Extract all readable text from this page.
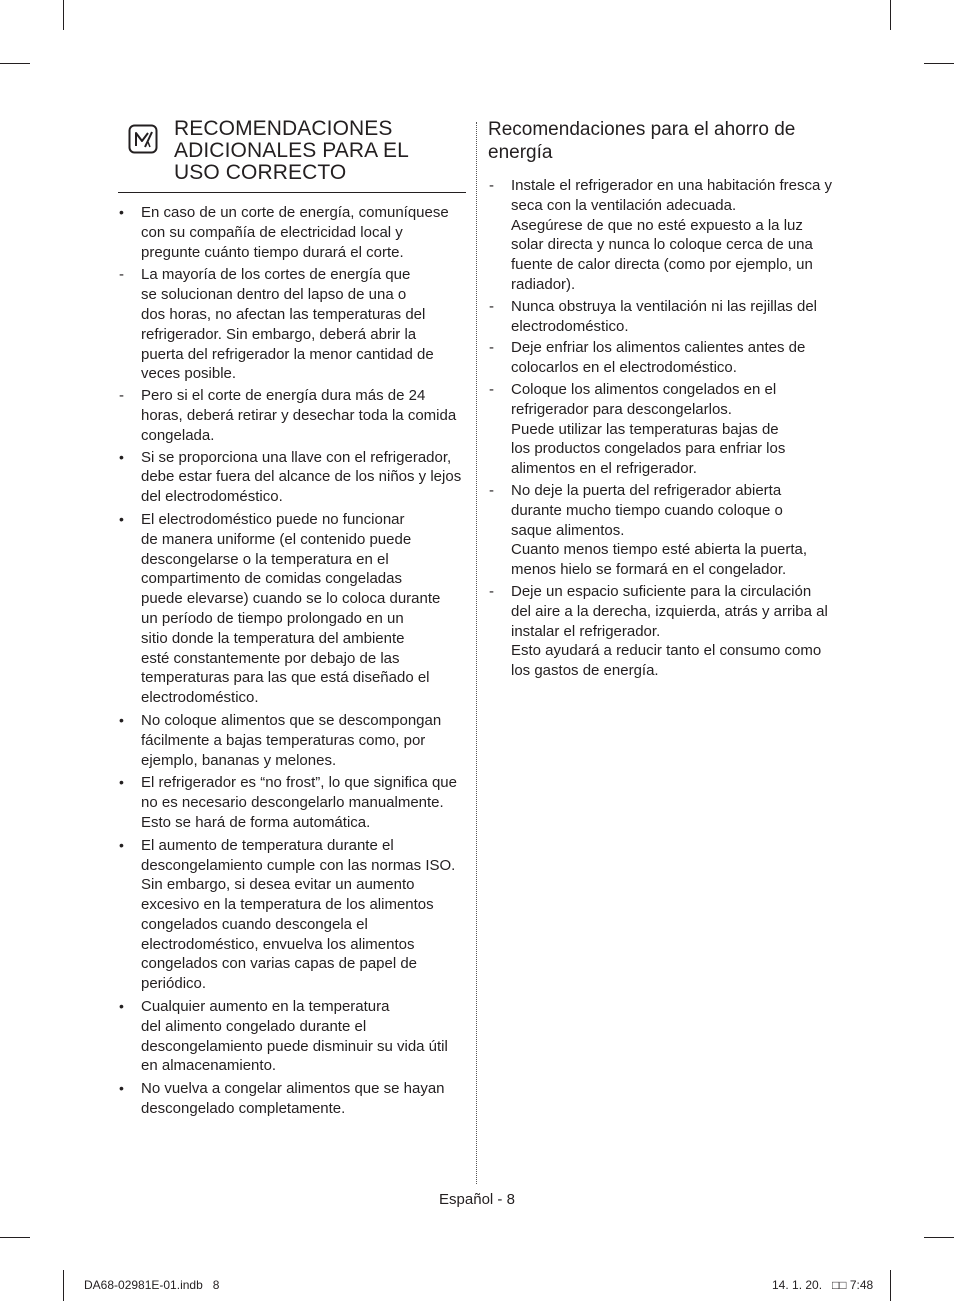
RECOMENDACIONES
ADICIONALES PARA EL
USO CORRECTO
• En caso de un corte de energía, comuníquese
con su compañía de electricidad local y
pregunte cuánto tiempo durará el corte.
- La mayoría de los cortes de energía que
se solucionan dentro del lapso de una o
dos horas, no afectan las temperaturas del
refrigerador. Sin embargo, deberá abrir la
puerta del refrigerador la menor cantidad de
veces posible.
- Pero si el corte de energía dura más de 24
horas, deberá retirar y desechar toda la comida
congelada.
• Si se proporciona una llave con el refrigerador,
debe estar fuera del alcance de los niños y lejos
del electrodoméstico.
• El electrodoméstico puede no funcionar
de manera uniforme (el contenido puede
descongelarse o la temperatura en el
compartimento de comidas congeladas
puede elevarse) cuando se lo coloca durante
un período de tiempo prolongado en un
sitio donde la temperatura del ambiente
esté constantemente por debajo de las
temperaturas para las que está diseñado el
electrodoméstico.
• No coloque alimentos que se descompongan
fácilmente a bajas temperaturas como, por
ejemplo, bananas y melones.
• El refrigerador es “no frost”, lo que significa que
no es necesario descongelarlo manualmente.
Esto se hará de forma automática.
• El aumento de temperatura durante el
descongelamiento cumple con las normas ISO.
Sin embargo, si desea evitar un aumento
excesivo en la temperatura de los alimentos
congelados cuando descongela el
electrodoméstico, envuelva los alimentos
congelados con varias capas de papel de
periódico.
• Cualquier aumento en la temperatura
del alimento congelado durante el
descongelamiento puede disminuir su vida útil
en almacenamiento.
• No vuelva a congelar alimentos que se hayan
descongelado completamente.
Recomendaciones para el ahorro de
energía
- Instale el refrigerador en una habitación fresca y
seca con la ventilación adecuada.
Asegúrese de que no esté expuesto a la luz
solar directa y nunca lo coloque cerca de una
fuente de calor directa (como por ejemplo, un
radiador).
- Nunca obstruya la ventilación ni las rejillas del
electrodoméstico.
- Deje enfriar los alimentos calientes antes de
colocarlos en el electrodoméstico.
- Coloque los alimentos congelados en el
refrigerador para descongelarlos.
Puede utilizar las temperaturas bajas de
los productos congelados para enfriar los
alimentos en el refrigerador.
- No deje la puerta del refrigerador abierta
durante mucho tiempo cuando coloque o
saque alimentos.
Cuanto menos tiempo esté abierta la puerta,
menos hielo se formará en el congelador.
- Deje un espacio suficiente para la circulación
del aire a la derecha, izquierda, atrás y arriba al
instalar el refrigerador.
Esto ayudará a reducir tanto el consumo como
los gastos de energía.
Español - 8
DA68-02981E-01.indb   8	14. 1. 20.   □□ 7:48
